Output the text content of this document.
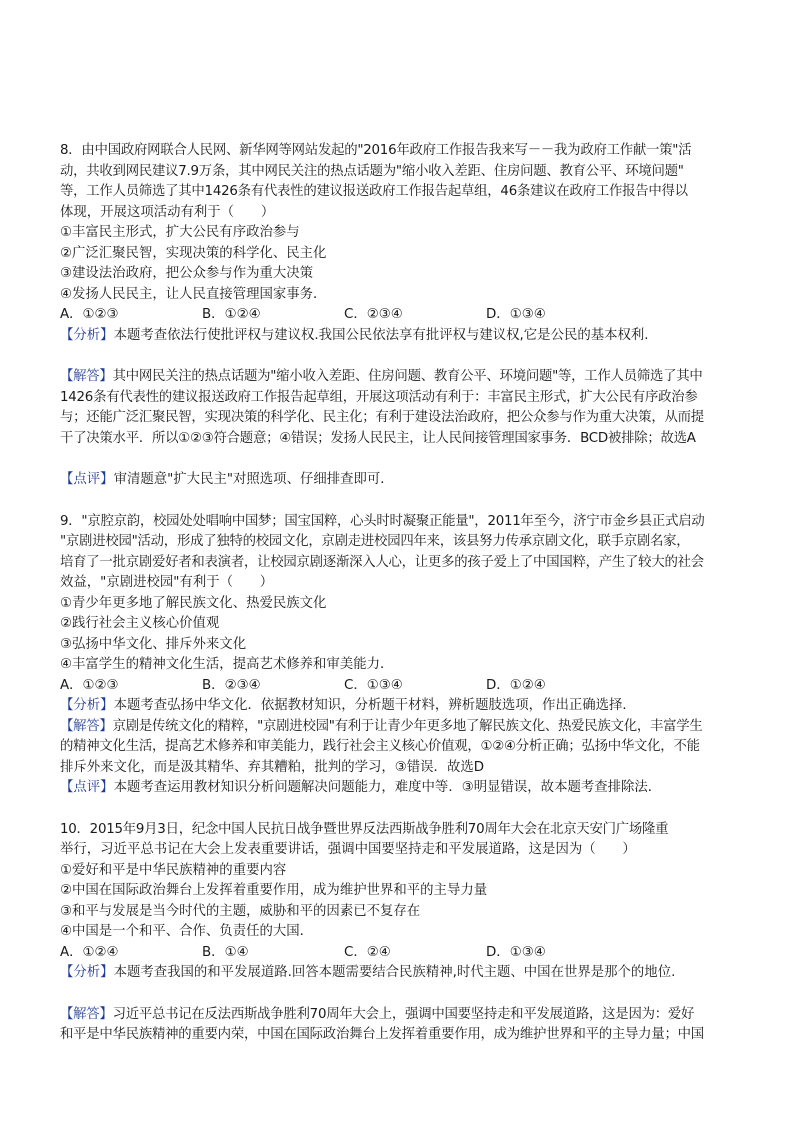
8．由中国政府网联合人民网、新华网等网站发起的"2016年政府工作报告我来写－－我为政府工作献一策"活
动，共收到网民建议7.9万条，其中网民关注的热点话题为"缩小收入差距、住房问题、教育公平、环境问题"
等，工作人员筛选了其中1426条有代表性的建议报送政府工作报告起草组，46条建议在政府工作报告中得以
体现，开展这项活动有利于（　　）
①丰富民主形式，扩大公民有序政治参与
②广泛汇聚民智，实现决策的科学化、民主化
③建设法治政府，把公众参与作为重大决策
④发扬人民民主，让人民直接管理国家事务．
A．①②③	B．①②④	C．②③④	D．①③④
【分析】本题考查依法行使批评权与建议权.我国公民依法享有批评权与建议权,它是公民的基本权利.
【解答】其中网民关注的热点话题为"缩小收入差距、住房问题、教育公平、环境问题"等，工作人员筛选了其中
1426条有代表性的建议报送政府工作报告起草组，开展这项活动有利于：丰富民主形式，扩大公民有序政治参
与；还能广泛汇聚民智，实现决策的科学化、民主化；有利于建设法治政府，把公众参与作为重大决策，从而提
干了决策水平．所以①②③符合题意；④错误；发扬人民民主，让人民间接管理国家事务．BCD被排除；故选A
【点评】审清题意"扩大民主"对照选项、仔细排查即可．
9．"京腔京韵，校园处处唱响中国梦；国宝国粹，心头时时凝聚正能量"，2011年至今，济宁市金乡县正式启动
"京剧进校园"活动，形成了独特的校园文化，京剧走进校园四年来，该县努力传承京剧文化，联手京剧名家，
培育了一批京剧爱好者和表演者，让校园京剧逐渐深入人心，让更多的孩子爱上了中国国粹，产生了较大的社会
效益，"京剧进校园"有利于（　　）
①青少年更多地了解民族文化、热爱民族文化
②践行社会主义核心价值观
③弘扬中华文化、排斥外来文化
④丰富学生的精神文化生活，提高艺术修养和审美能力．
A．①②③	B．②③④	C．①③④	D．①②④
【分析】本题考查弘扬中华文化．依据教材知识，分析题干材料，辨析题肢选项，作出正确选择．
【解答】京剧是传统文化的精粹，"京剧进校园"有利于让青少年更多地了解民族文化、热爱民族文化，丰富学生
的精神文化生活，提高艺术修养和审美能力，践行社会主义核心价值观，①②④分析正确；弘扬中华文化，不能
排斥外来文化，而是汲其精华、弃其糟粕，批判的学习，③错误．故选D
【点评】本题考查运用教材知识分析问题解决问题能力，难度中等．③明显错误，故本题考查排除法．
10．2015年9月3日，纪念中国人民抗日战争暨世界反法西斯战争胜利70周年大会在北京天安门广场隆重
举行，习近平总书记在大会上发表重要讲话，强调中国要坚持走和平发展道路，这是因为（　　）
①爱好和平是中华民族精神的重要内容
②中国在国际政治舞台上发挥着重要作用，成为维护世界和平的主导力量
③和平与发展是当今时代的主题，威胁和平的因素已不复存在
④中国是一个和平、合作、负责任的大国．
A．①②④	B．①④	C．②④	D．①③④
【分析】本题考查我国的和平发展道路.回答本题需要结合民族精神,时代主题、中国在世界是那个的地位.
【解答】习近平总书记在反法西斯战争胜利70周年大会上，强调中国要坚持走和平发展道路，这是因为：爱好
和平是中华民族精神的重要内荣，中国在国际政治舞台上发挥着重要作用，成为维护世界和平的主导力量；中国
